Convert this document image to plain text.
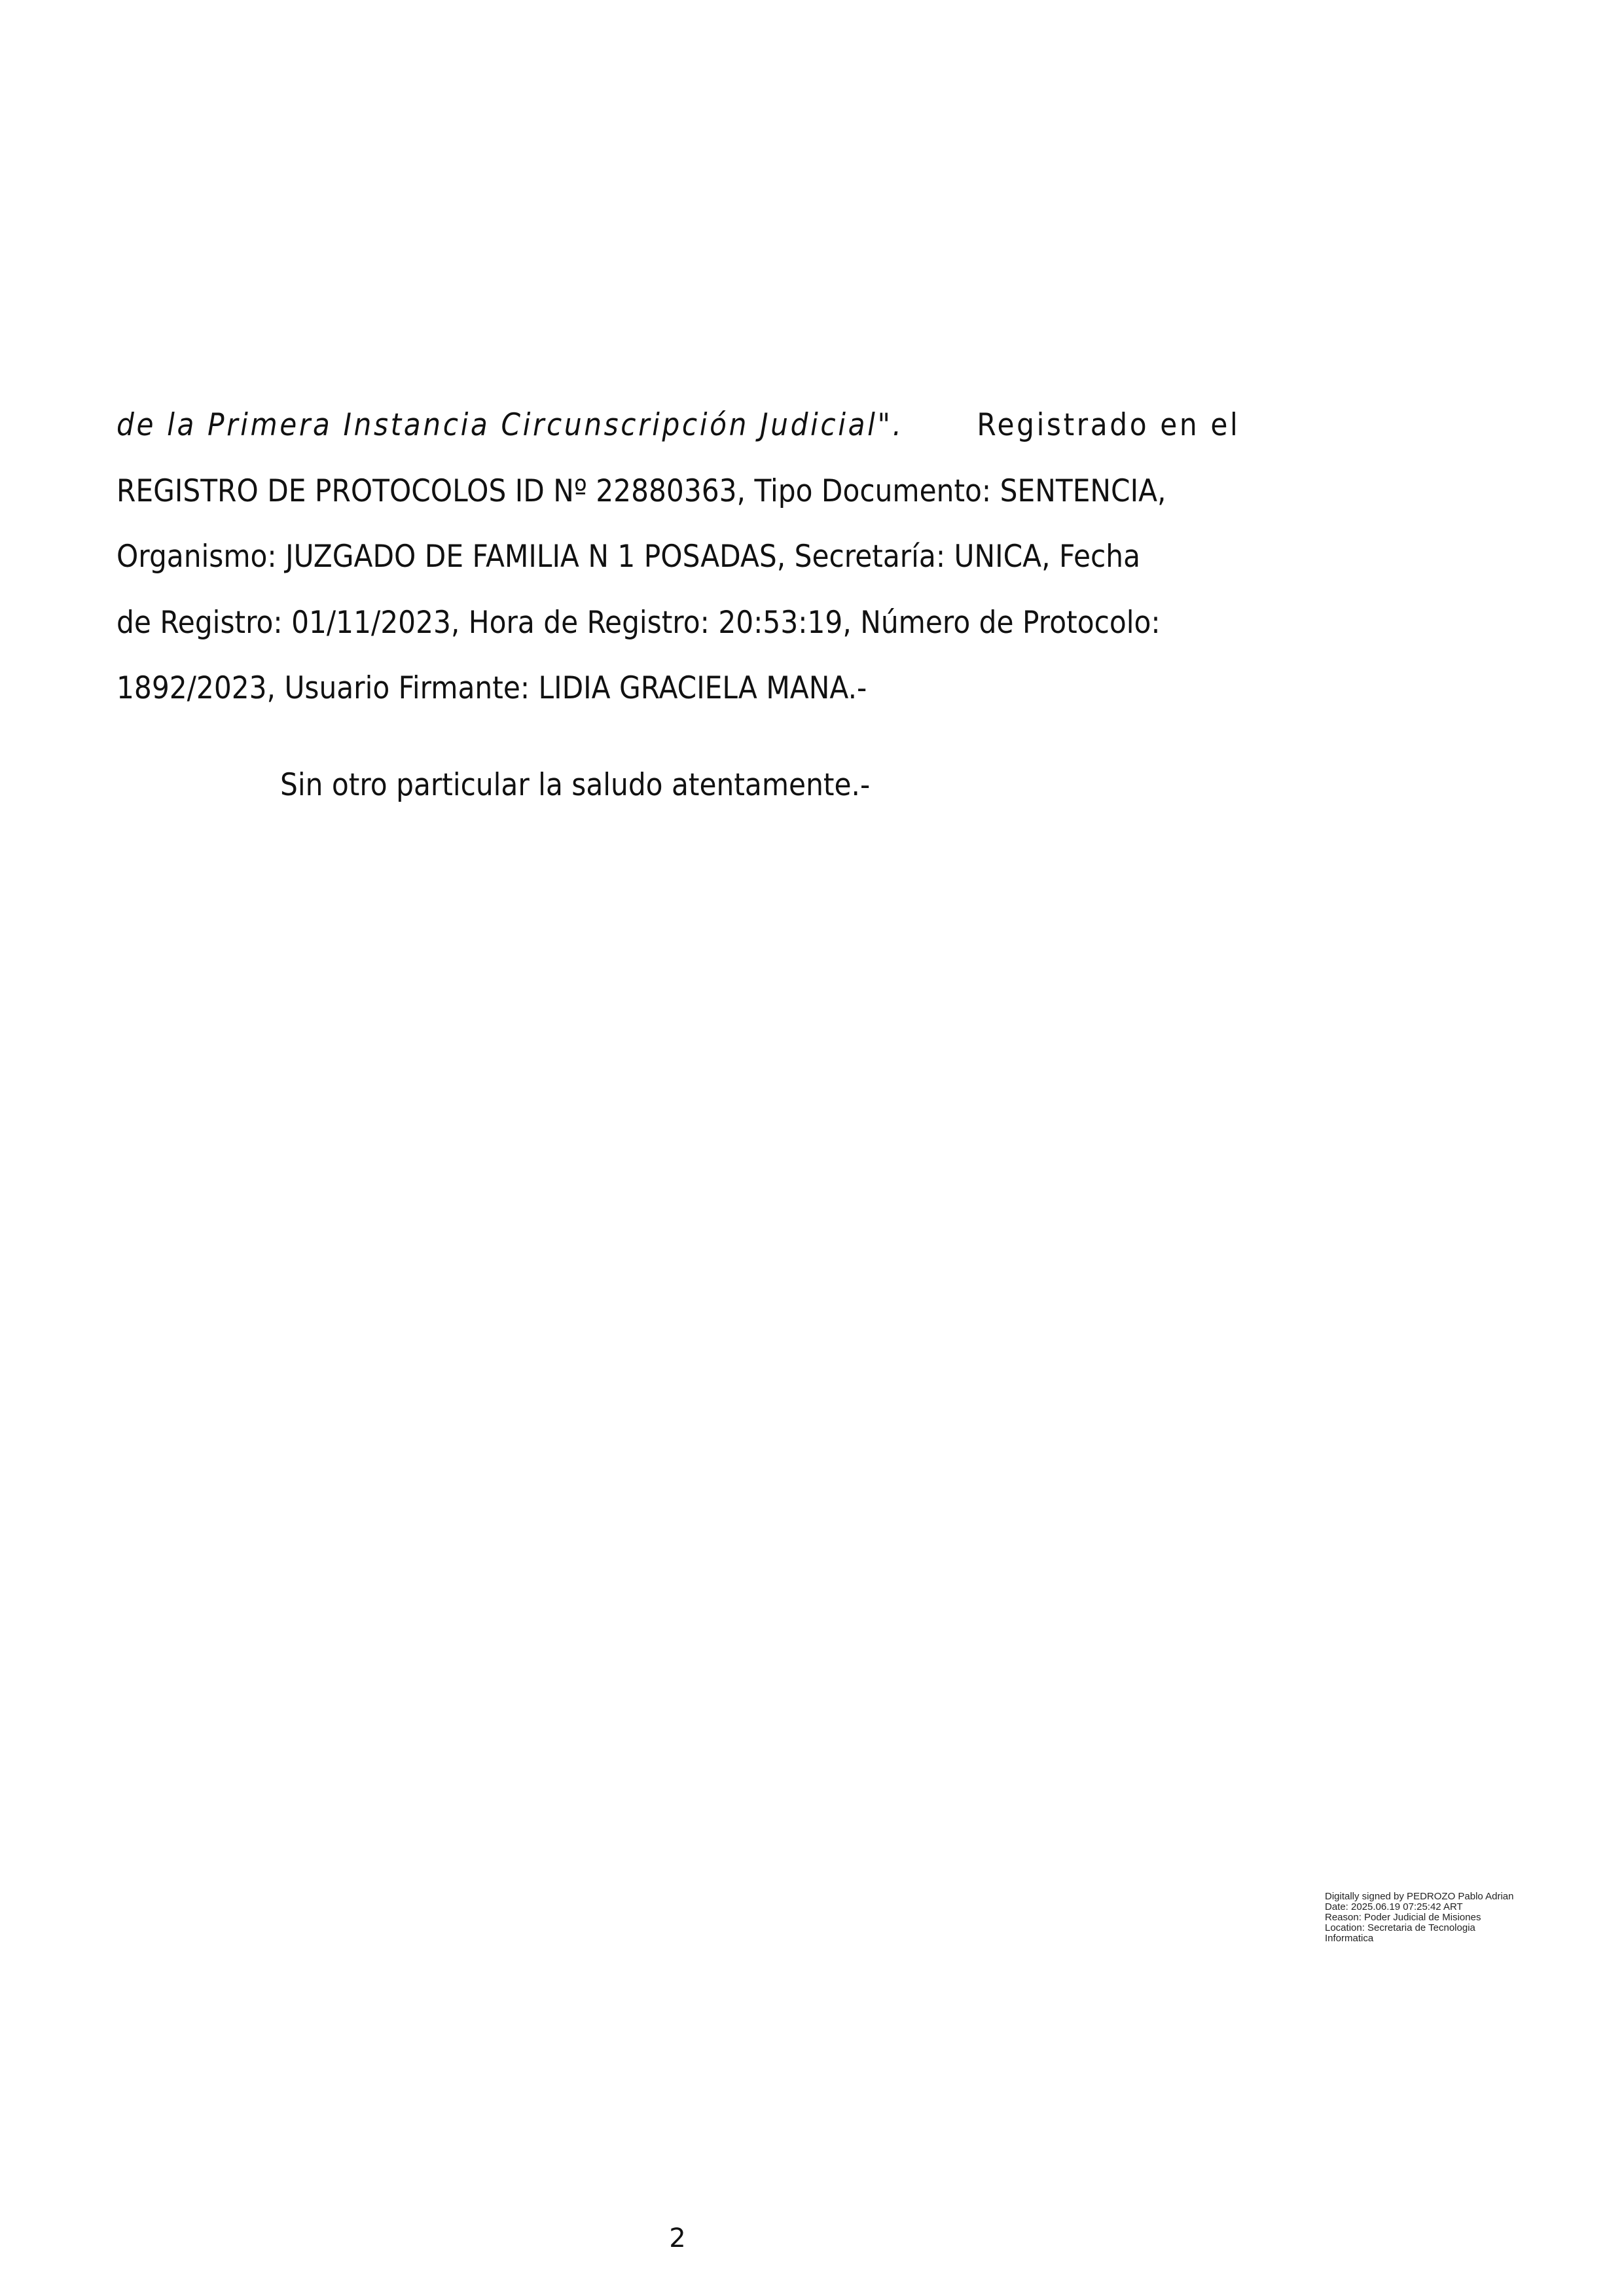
de la Primera Instancia Circunscripción Judicial". Registrado en el
REGISTRO DE PROTOCOLOS ID Nº 22880363, Tipo Documento: SENTENCIA,
Organismo: JUZGADO DE FAMILIA N 1 POSADAS, Secretaría: UNICA, Fecha
de Registro: 01/11/2023, Hora de Registro: 20:53:19, Número de Protocolo:
1892/2023, Usuario Firmante: LIDIA GRACIELA MANA.-
Sin otro particular la saludo atentamente.-
Digitally signed by PEDROZO Pablo Adrian
Date: 2025.06.19 07:25:42 ART
Reason: Poder Judicial de Misiones
Location: Secretaria de Tecnologia
Informatica
2
